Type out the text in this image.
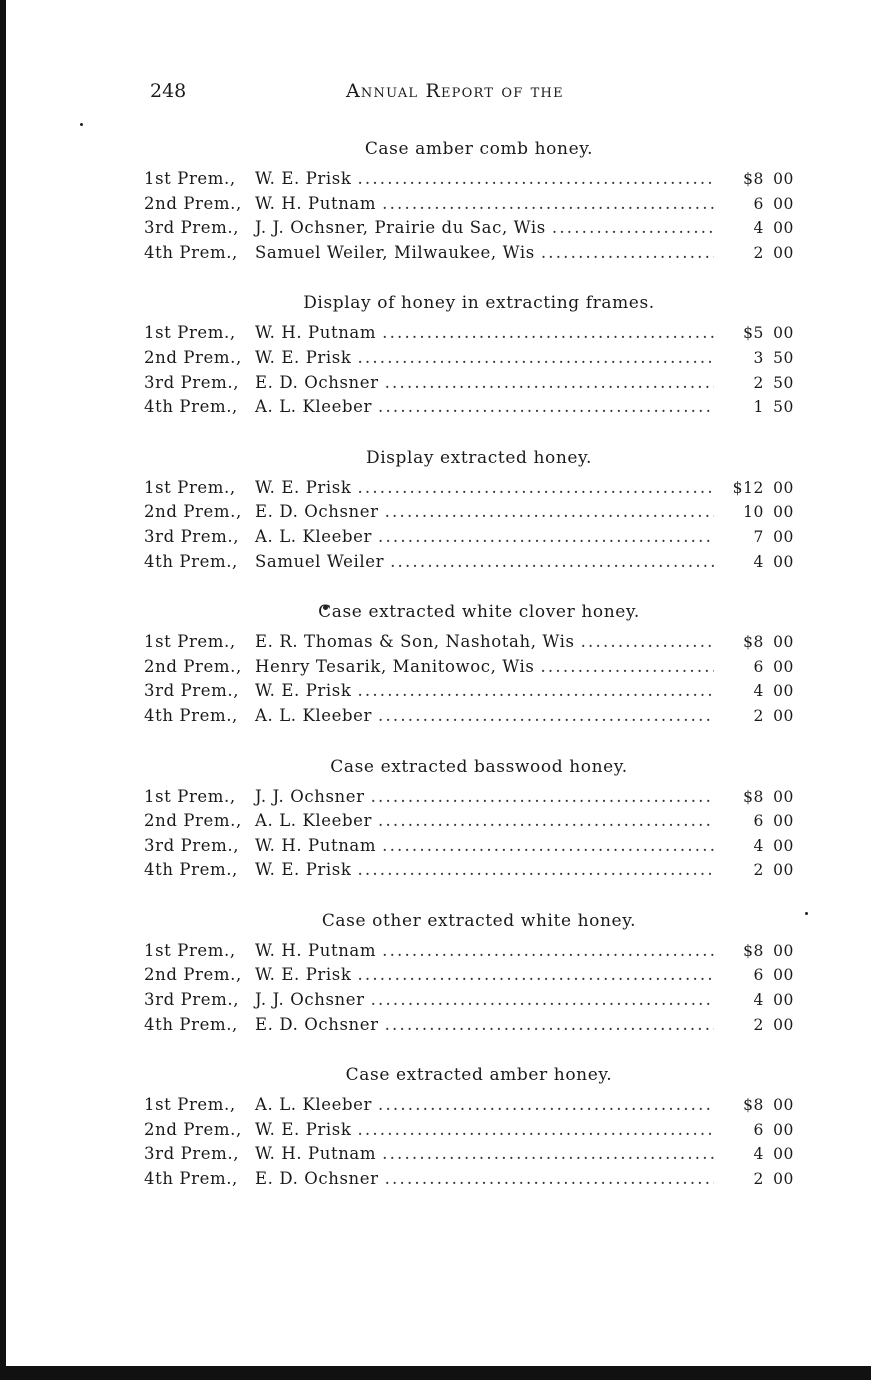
248	Annual Report of the
Case amber comb honey.
1st Prem.,	W. E. Prisk .....	$8 00
2nd Prem., W. H. Putnam .....	6 00
3rd Prem., J. J. Ochsner, Prairie du Sac, Wis .....	4 00
4th Prem.,	Samuel Weiler, Milwaukee, Wis .....	2 00
Display of honey in extracting frames.
1st Prem.,	W. H. Putnam .....	$5 00
2nd Prem., W. E. Prisk .....	3 50
3rd Prem., E. D. Ochsner .....	2 50
4th Prem.,	A. L. Kleeber .....	1 50
Display extracted honey.
1st Prem.,	W. E. Prisk .....	$12 00
2nd Prem., E. D. Ochsner .....	10 00
3rd Prem., A. L. Kleeber .....	7 00
4th Prem.,	Samuel Weiler .....	4 00
Case extracted white clover honey.
1st Prem.,	E. R. Thomas & Son, Nashotah, Wis .....	$8 00
2nd Prem., Henry Tesarik, Manitowoc, Wis .....	6 00
3rd Prem., W. E. Prisk .....	4 00
4th Prem.,	A. L. Kleeber .....	2 00
Case extracted basswood honey.
1st Prem.,	J. J. Ochsner .....	$8 00
2nd Prem., A. L. Kleeber .....	6 00
3rd Prem., W. H. Putnam .....	4 00
4th Prem.,	W. E. Prisk .....	2 00
Case other extracted white honey.
1st Prem.,	W. H. Putnam .....	$8 00
2nd Prem., W. E. Prisk .....	6 00
3rd Prem., J. J. Ochsner .....	4 00
4th Prem.,	E. D. Ochsner .....	2 00
Case extracted amber honey.
1st Prem.,	A. L. Kleeber .....	$8 00
2nd Prem., W. E. Prisk .....	6 00
3rd Prem., W. H. Putnam .....	4 00
4th Prem.,	E. D. Ochsner .....	2 00
